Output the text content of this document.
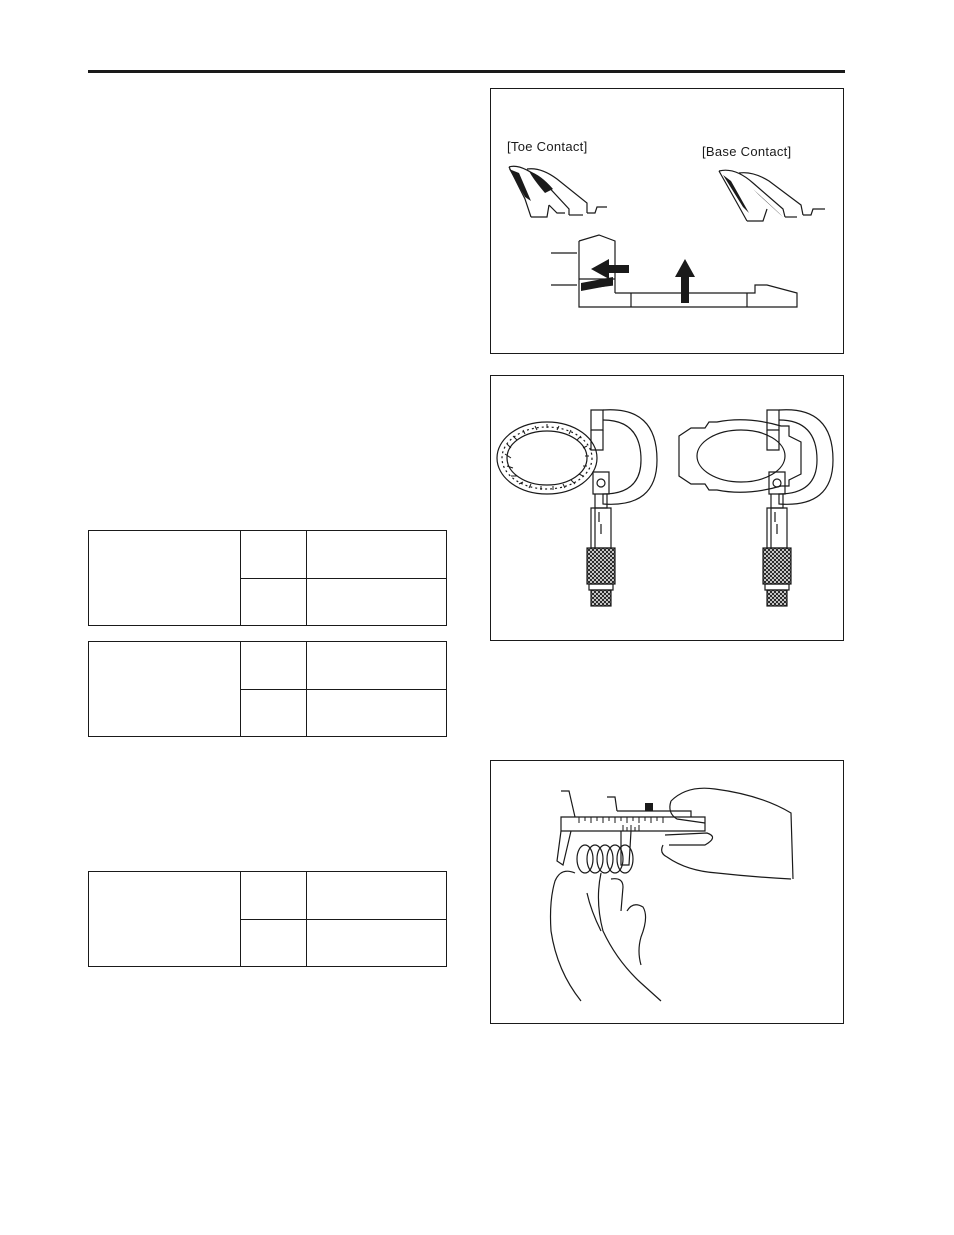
[Toe Contact]	[Base Contact]
